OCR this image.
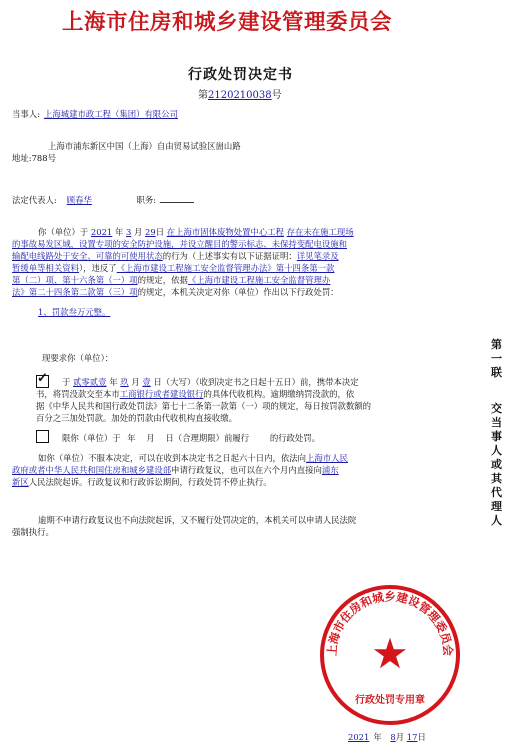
上海市住房和城乡建设管理委员会
行政处罚决定书
第2120210038号
当事人: 上海城建市政工程（集团）有限公司
上海市浦东新区中国（上海）自由贸易试验区崮山路
地址:788号
法定代表人: 顾春华	职务:
你（单位）于 2021 年 3 月 29日 在上海市固体废物处置中心工程 存在未在施工现场
的事故易发区域，设置专项的安全防护设施，并设立醒目的警示标志、未保持变配电设施和
输配电线路处于安全、可靠的可使用状态的行为（上述事实有以下证据证明：详见笔录及
暂缓单等相关资料），违反了《上海市建设工程施工安全监督管理办法》第十四条第一款
第（二）项、第十六条第（一）项的规定，依据《上海市建设工程施工安全监督管理办
法》第二十四条第二款第（三）项的规定，本机关决定对你（单位）作出以下行政处罚：
1、罚款叁万元整。
现要求你（单位）：
✓ 于 贰零贰壹 年 玖 月 壹 日（大写）（收到决定书之日起十五日）前，携带本决定
书，将罚没款交至本市工商银行或者建设银行的具体代收机构。逾期缴纳罚没款的，依
据《中华人民共和国行政处罚法》第七十二条第一款第（一）项的规定，每日按罚款数额的
百分之三加处罚款。加处的罚款由代收机构直接收缴。
限你（单位）于 年 月 日（合理期限）前履行 的行政处罚。
如你（单位）不服本决定，可以在收到本决定书之日起六十日内，依法向上海市人民
政府或者中华人民共和国住房和城乡建设部申请行政复议，也可以在六个月内直接向浦东
新区人民法院起诉。行政复议和行政诉讼期间，行政处罚不停止执行。
逾期不申请行政复议也不向法院起诉，又不履行处罚决定的，本机关可以申请人民法院
强制执行。
第一联
交当事人或其代理人
上海市住房和城乡建设管理委员会
★
行政处罚专用章
2021 年 8月 17日
